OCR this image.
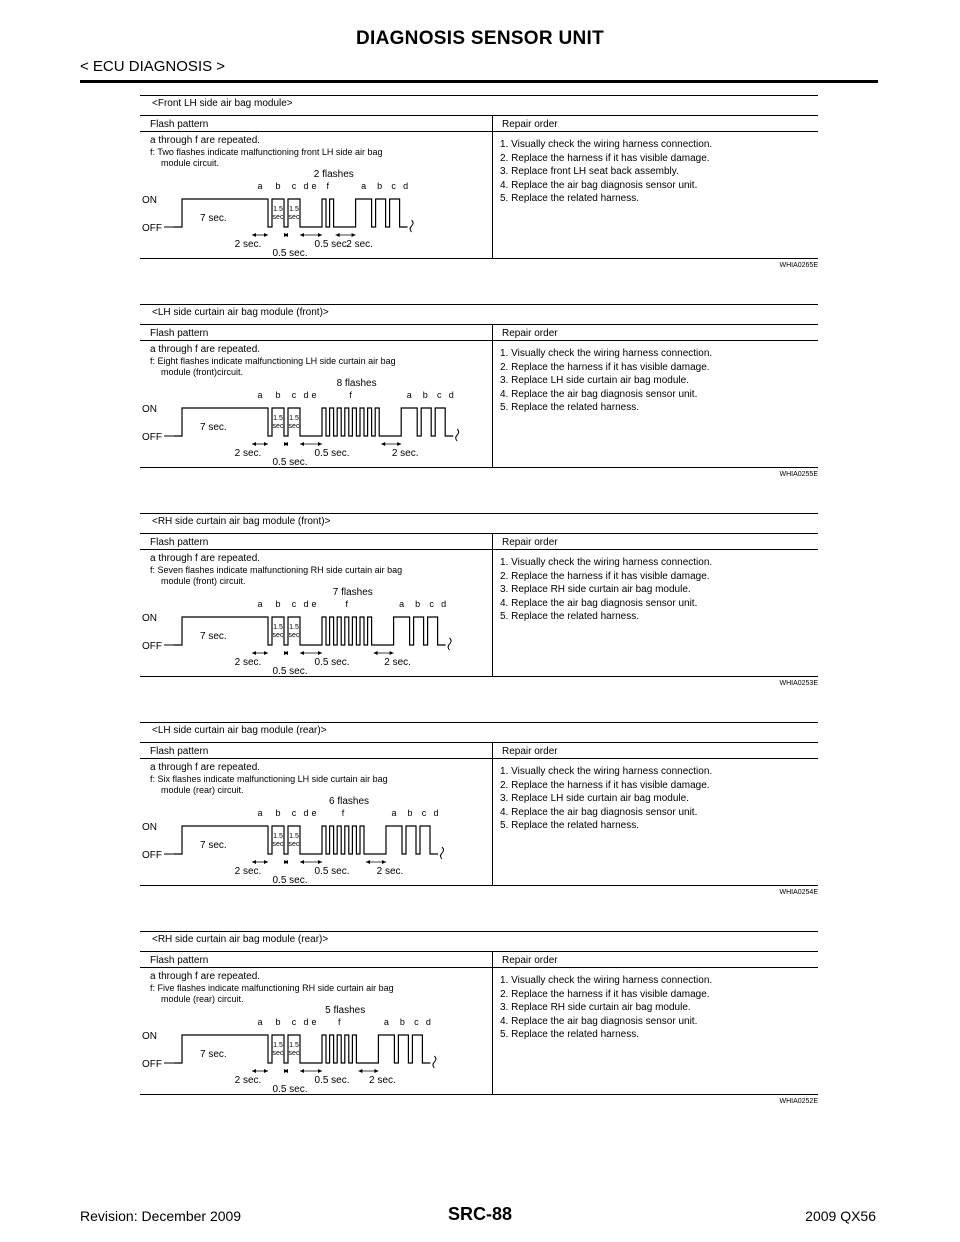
DIAGNOSIS SENSOR UNIT
< ECU DIAGNOSIS >
<Front LH side air bag module>
Flash pattern	Repair order
a through f are repeated.
f: Two flashes indicate malfunctioning front LH side air bag
module circuit.
1. Visually check the wiring harness connection.
2. Replace the harness if it has visible damage.
3. Replace front LH seat back assembly.
4. Replace the air bag diagnosis sensor unit.
5. Replace the related harness.
WHIA0265E
ON
OFF
7 sec.
1.5
sec
1.5
sec
2 flashes
a b c d e f	a b c d
2 sec.
0.5 sec.
0.5 sec.
2 sec.
<LH side curtain air bag module (front)>
Flash pattern	Repair order
a through f are repeated.
f: Eight flashes indicate malfunctioning LH side curtain air bag
module (front)circuit.
1. Visually check the wiring harness connection.
2. Replace the harness if it has visible damage.
3. Replace LH side curtain air bag module.
4. Replace the air bag diagnosis sensor unit.
5. Replace the related harness.
WHIA0255E
ON
OFF
7 sec.
1.5
sec
1.5
sec
8 flashes
a b c d e	f	a b c d
2 sec.
0.5 sec.
0.5 sec.	2 sec.
<RH side curtain air bag module (front)>
Flash pattern	Repair order
a through f are repeated.
f: Seven flashes indicate malfunctioning RH side curtain air bag
module (front) circuit.
1. Visually check the wiring harness connection.
2. Replace the harness if it has visible damage.
3. Replace RH side curtain air bag module.
4. Replace the air bag diagnosis sensor unit.
5. Replace the related harness.
WHIA0253E
ON
OFF
7 sec.
1.5
sec
1.5
sec
7 flashes
a b c d e	f	a b c d
2 sec.
0.5 sec.
0.5 sec.	2 sec.
<LH side curtain air bag module (rear)>
Flash pattern	Repair order
a through f are repeated.
f: Six flashes indicate malfunctioning LH side curtain air bag
module (rear) circuit.
1. Visually check the wiring harness connection.
2. Replace the harness if it has visible damage.
3. Replace LH side curtain air bag module.
4. Replace the air bag diagnosis sensor unit.
5. Replace the related harness.
WHIA0254E
ON
OFF
7 sec.
1.5
sec
1.5
sec
6 flashes
a b c d e	f	a b c d
2 sec.
0.5 sec.
0.5 sec.	2 sec.
<RH side curtain air bag module (rear)>
Flash pattern	Repair order
a through f are repeated.
f: Five flashes indicate malfunctioning RH side curtain air bag
module (rear) circuit.
1. Visually check the wiring harness connection.
2. Replace the harness if it has visible damage.
3. Replace RH side curtain air bag module.
4. Replace the air bag diagnosis sensor unit.
5. Replace the related harness.
WHIA0252E
ON
OFF
7 sec.
1.5
sec
1.5
sec
5 flashes
a b c d e f	a b c d
2 sec.
0.5 sec.
0.5 sec. 2 sec.
Revision: December 2009	SRC-88	2009 QX56
